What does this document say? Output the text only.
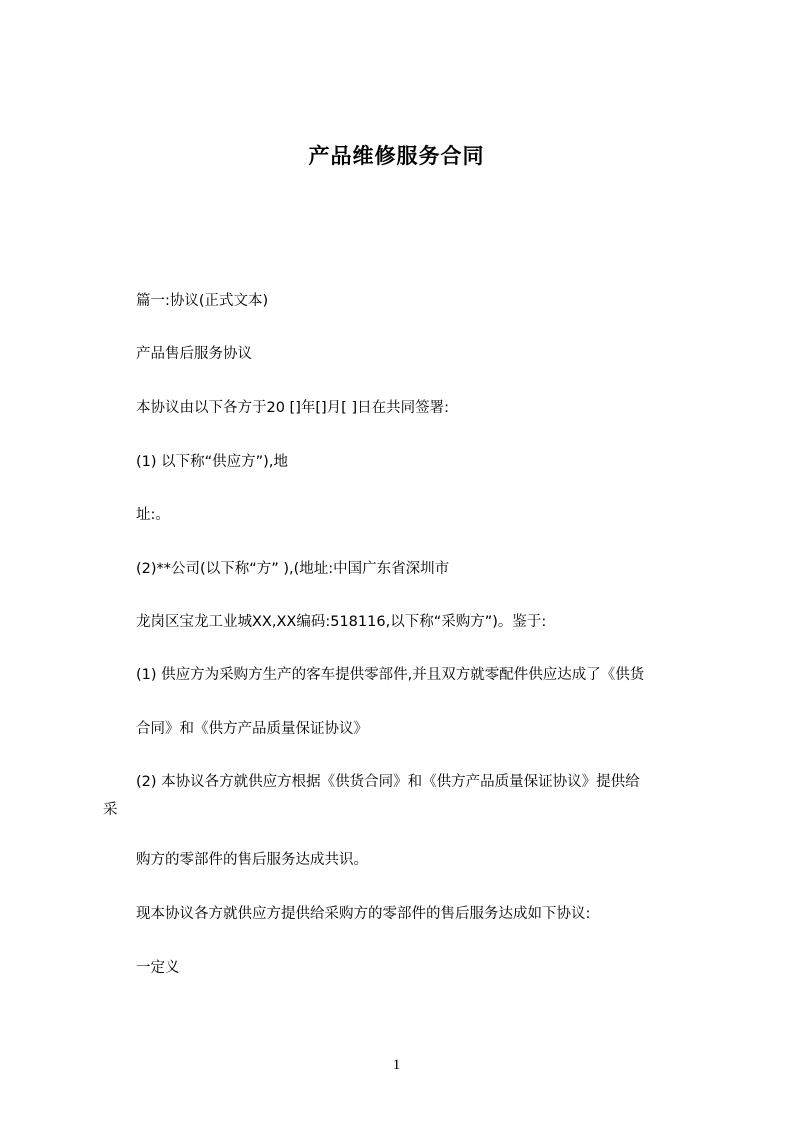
产品维修服务合同
篇一:协议(正式文本)
产品售后服务协议
本协议由以下各方于20 []年[]月[ ]日在共同签署:
(1) 以下称“供应方”),地
址:。
(2)**公司(以下称“方” ),(地址:中国广东省深圳市
龙岗区宝龙工业城XX,XX编码:518116,以下称“采购方”)。鉴于:
(1) 供应方为采购方生产的客车提供零部件,并且双方就零配件供应达成了《供货
合同》和《供方产品质量保证协议》
(2) 本协议各方就供应方根据《供货合同》和《供方产品质量保证协议》提供给
采
购方的零部件的售后服务达成共识。
现本协议各方就供应方提供给采购方的零部件的售后服务达成如下协议:
一定义
1
